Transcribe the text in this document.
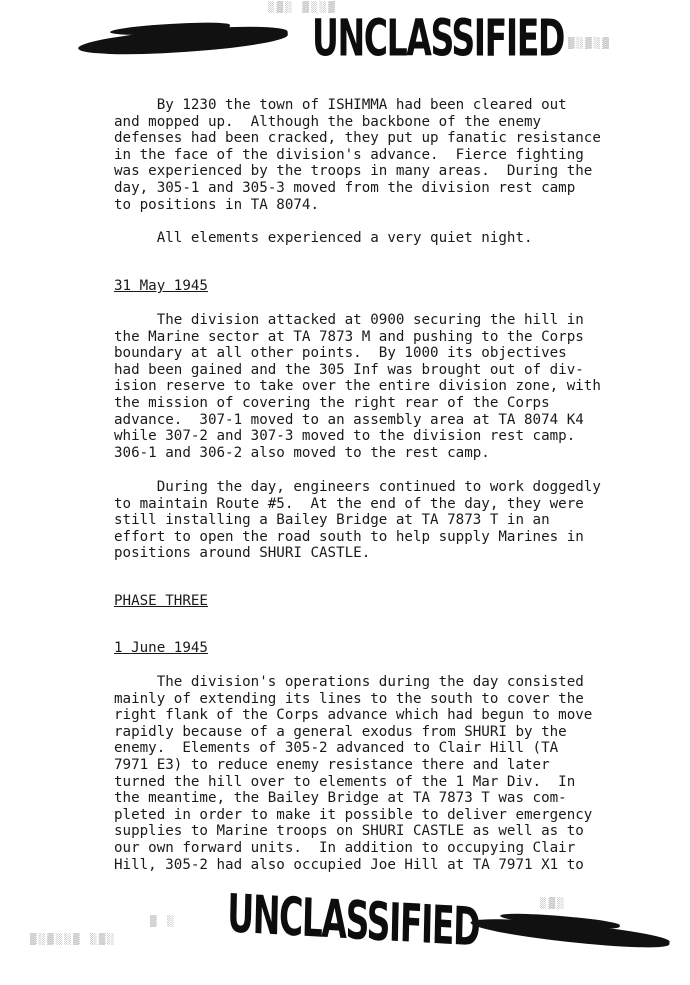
░▒░ ▒░░▒
UNCLASSIFIED ▒░▒░▒
By 1230 the town of ISHIMMA had been cleared out
and mopped up.  Although the backbone of the enemy
defenses had been cracked, they put up fanatic resistance
in the face of the division's advance.  Fierce fighting
was experienced by the troops in many areas.  During the
day, 305-1 and 305-3 moved from the division rest camp
to positions in TA 8074.
All elements experienced a very quiet night.
31 May 1945
The division attacked at 0900 securing the hill in
the Marine sector at TA 7873 M and pushing to the Corps
boundary at all other points.  By 1000 its objectives
had been gained and the 305 Inf was brought out of div-
ision reserve to take over the entire division zone, with
the mission of covering the right rear of the Corps
advance.  307-1 moved to an assembly area at TA 8074 K4
while 307-2 and 307-3 moved to the division rest camp.
306-1 and 306-2 also moved to the rest camp.
During the day, engineers continued to work doggedly
to maintain Route #5.  At the end of the day, they were
still installing a Bailey Bridge at TA 7873 T in an
effort to open the road south to help supply Marines in
positions around SHURI CASTLE.
PHASE THREE
1 June 1945
The division's operations during the day consisted
mainly of extending its lines to the south to cover the
right flank of the Corps advance which had begun to move
rapidly because of a general exodus from SHURI by the
enemy.  Elements of 305-2 advanced to Clair Hill (TA
7971 E3) to reduce enemy resistance there and later
turned the hill over to elements of the 1 Mar Div.  In
the meantime, the Bailey Bridge at TA 7873 T was com-
pleted in order to make it possible to deliver emergency
supplies to Marine troops on SHURI CASTLE as well as to
our own forward units.  In addition to occupying Clair
Hill, 305-2 had also occupied Joe Hill at TA 7971 X1 to
▒░▒░░▒ ░▒░
▒ ░ UNCLASSIFIED	░▒░
